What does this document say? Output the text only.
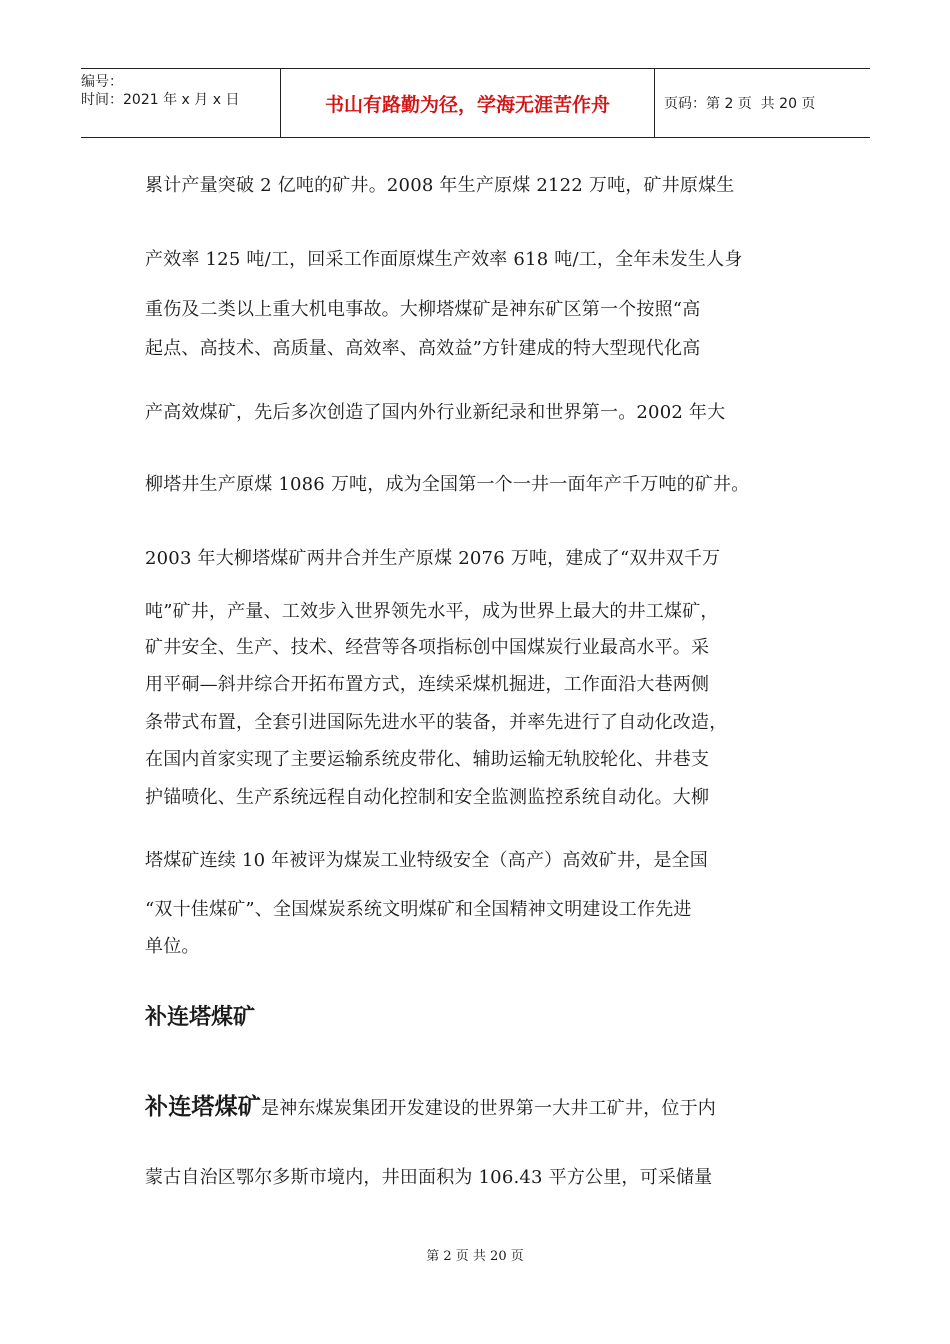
编号：
时间：2021 年 x 月 x 日	书山有路勤为径，学海无涯苦作舟	页码：第 2 页  共 20 页
累计产量突破 2 亿吨的矿井。2008 年生产原煤 2122 万吨，矿井原煤生
产效率 125 吨/工，回采工作面原煤生产效率 618 吨/工，全年未发生人身
重伤及二类以上重大机电事故。大柳塔煤矿是神东矿区第一个按照“高
起点、高技术、高质量、高效率、高效益”方针建成的特大型现代化高
产高效煤矿，先后多次创造了国内外行业新纪录和世界第一。2002 年大
柳塔井生产原煤 1086 万吨，成为全国第一个一井一面年产千万吨的矿井。
2003 年大柳塔煤矿两井合并生产原煤 2076 万吨，建成了“双井双千万
吨”矿井，产量、工效步入世界领先水平，成为世界上最大的井工煤矿，
矿井安全、生产、技术、经营等各项指标创中国煤炭行业最高水平。采
用平硐—斜井综合开拓布置方式，连续采煤机掘进，工作面沿大巷两侧
条带式布置，全套引进国际先进水平的装备，并率先进行了自动化改造，
在国内首家实现了主要运输系统皮带化、辅助运输无轨胶轮化、井巷支
护锚喷化、生产系统远程自动化控制和安全监测监控系统自动化。大柳
塔煤矿连续 10 年被评为煤炭工业特级安全（高产）高效矿井，是全国
“双十佳煤矿”、全国煤炭系统文明煤矿和全国精神文明建设工作先进
单位。
补连塔煤矿
补连塔煤矿是神东煤炭集团开发建设的世界第一大井工矿井，位于内
蒙古自治区鄂尔多斯市境内，井田面积为 106.43 平方公里，可采储量
第 2 页 共 20 页
